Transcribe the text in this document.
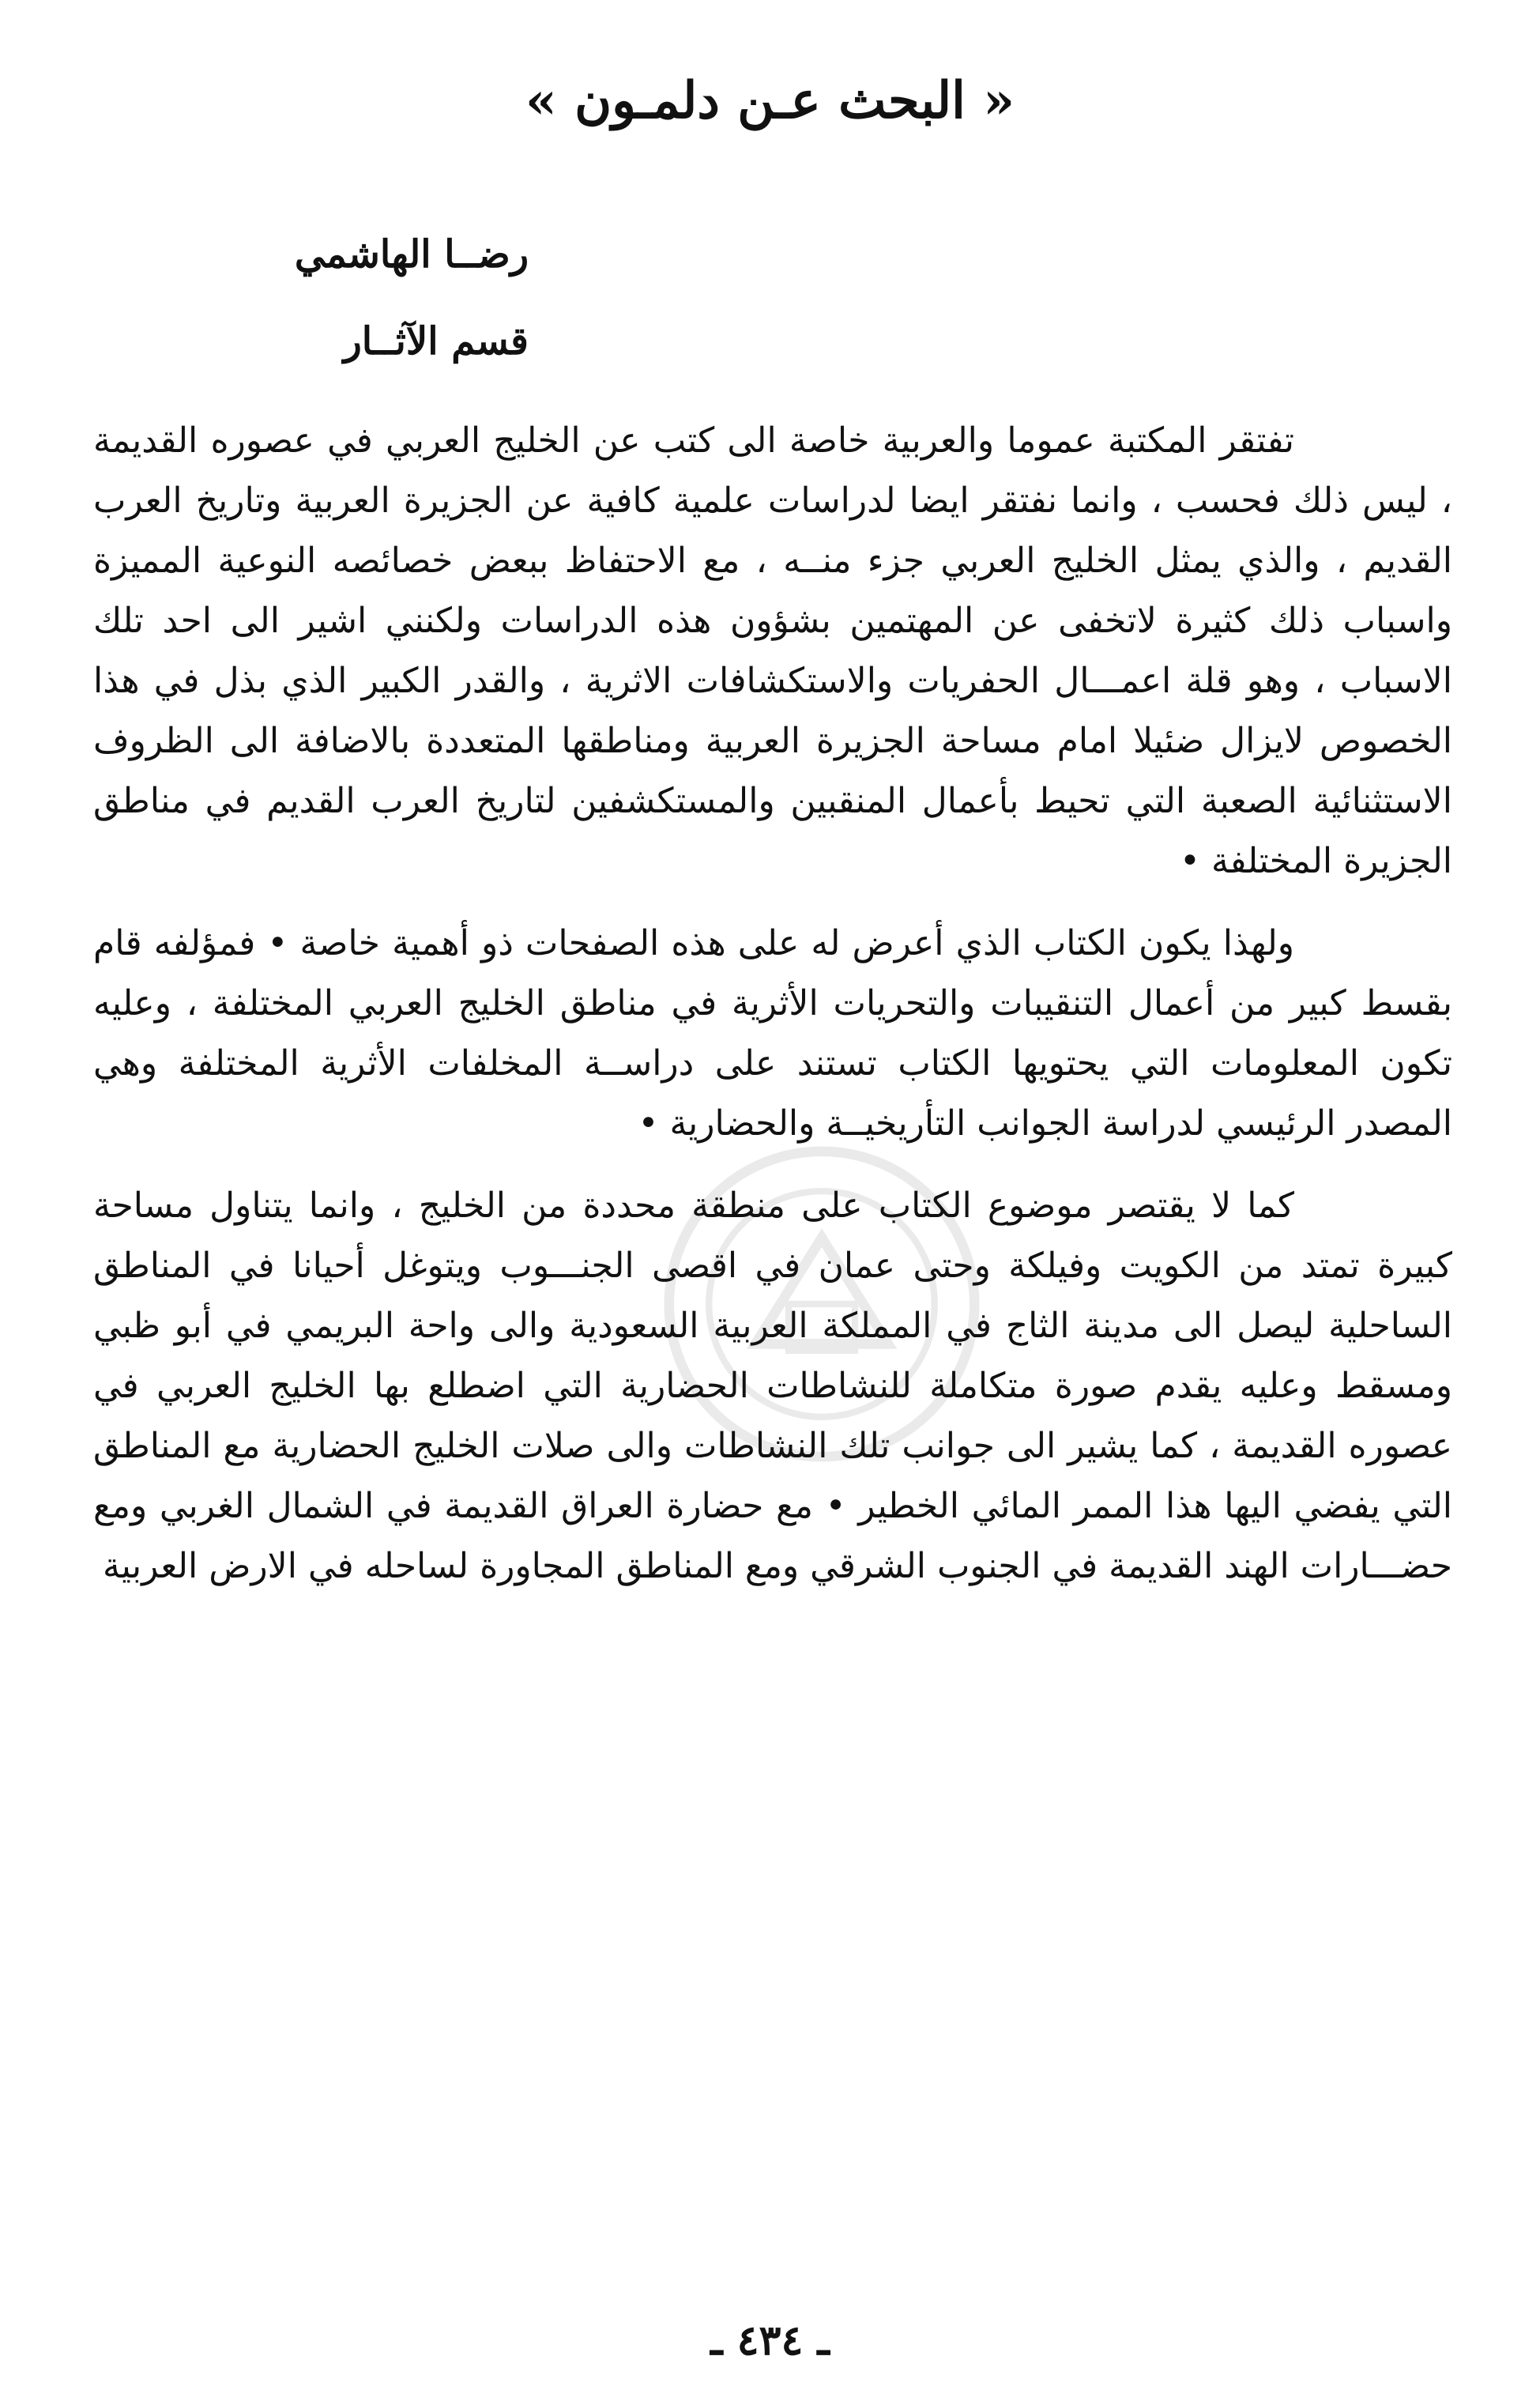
« البحث عـن دلمـون »

رضــا الهاشمي

قسم الآثــار

تفتقر المكتبة عموما والعربية خاصة الى كتب عن الخليج العربي في عصوره القديمة ، ليس ذلك فحسب ، وانما نفتقر ايضا لدراسات علمية كافية عن الجزيرة العربية وتاريخ العرب القديم ، والذي يمثل الخليج العربي جزء منــه ، مع الاحتفاظ ببعض خصائصه النوعية المميزة واسباب ذلك كثيرة لاتخفى عن المهتمين بشؤون هذه الدراسات ولكنني اشير الى احد تلك الاسباب ، وهو قلة اعمـــال الحفريات والاستكشافات الاثرية ، والقدر الكبير الذي بذل في هذا الخصوص لايزال ضئيلا امام مساحة الجزيرة العربية ومناطقها المتعددة بالاضافة الى الظروف الاستثنائية الصعبة التي تحيط بأعمال المنقبين والمستكشفين لتاريخ العرب القديم في مناطق الجزيرة المختلفة •

ولهذا يكون الكتاب الذي أعرض له على هذه الصفحات ذو أهمية خاصة • فمؤلفه قام بقسط كبير من أعمال التنقيبات والتحريات الأثرية في مناطق الخليج العربي المختلفة ، وعليه تكون المعلومات التي يحتويها الكتاب تستند على دراســة المخلفات الأثرية المختلفة وهي المصدر الرئيسي لدراسة الجوانب التأريخيــة والحضارية •

كما لا يقتصر موضوع الكتاب على منطقة محددة من الخليج ، وانما يتناول مساحة كبيرة تمتد من الكويت وفيلكة وحتى عمان في اقصى الجنـــوب ويتوغل أحيانا في المناطق الساحلية ليصل الى مدينة الثاج في المملكة العربية السعودية والى واحة البريمي في أبو ظبي ومسقط وعليه يقدم صورة متكاملة للنشاطات الحضارية التي اضطلع بها الخليج العربي في عصوره القديمة ، كما يشير الى جوانب تلك النشاطات والى صلات الخليج الحضارية مع المناطق التي يفضي اليها هذا الممر المائي الخطير • مع حضارة العراق القديمة في الشمال الغربي ومع حضـــارات الهند القديمة في الجنوب الشرقي ومع المناطق المجاورة لساحله في الارض العربية

ـ ٤٣٤ ـ
